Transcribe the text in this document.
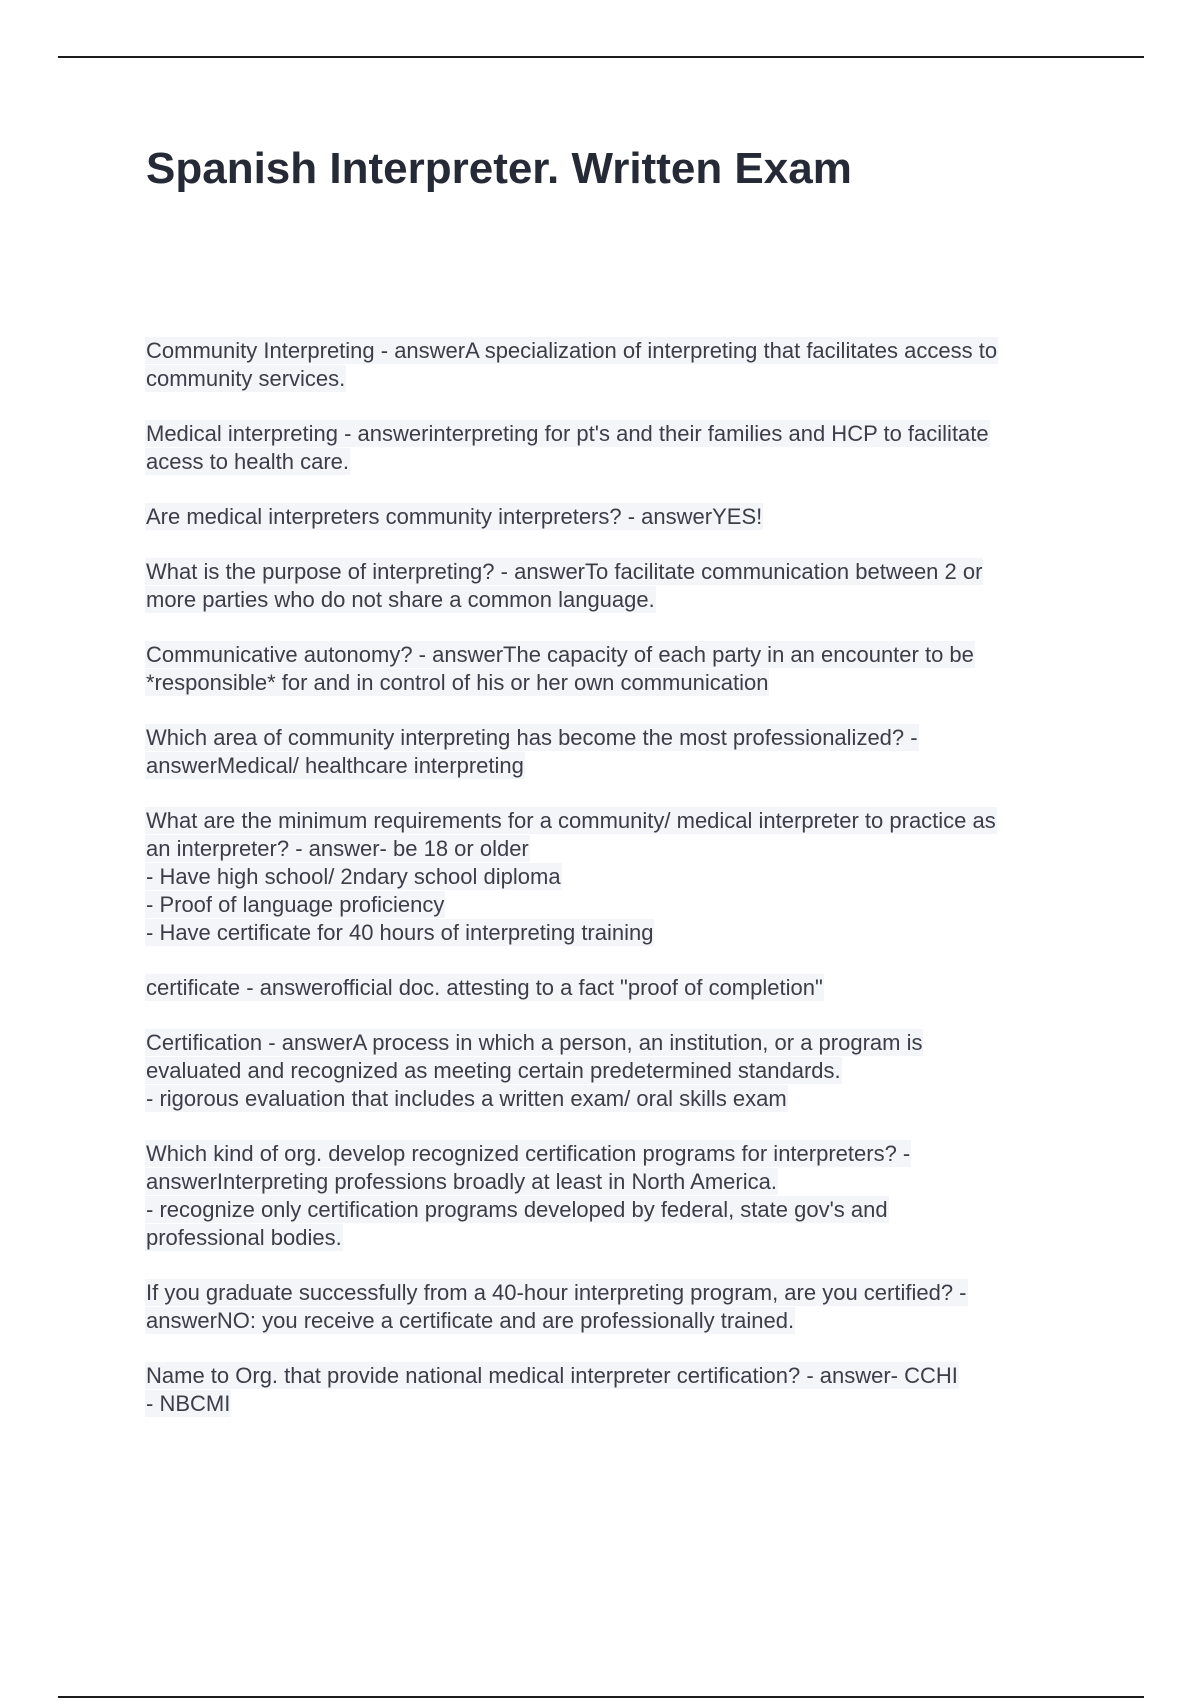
Spanish Interpreter. Written Exam
Community Interpreting - answerA specialization of interpreting that facilitates access to
community services.
Medical interpreting - answerinterpreting for pt's and their families and HCP to facilitate
acess to health care.
Are medical interpreters community interpreters? - answerYES!
What is the purpose of interpreting? - answerTo facilitate communication between 2 or
more parties who do not share a common language.
Communicative autonomy? - answerThe capacity of each party in an encounter to be
*responsible* for and in control of his or her own communication
Which area of community interpreting has become the most professionalized? -
answerMedical/ healthcare interpreting
What are the minimum requirements for a community/ medical interpreter to practice as
an interpreter? - answer- be 18 or older
- Have high school/ 2ndary school diploma
- Proof of language proficiency
- Have certificate for 40 hours of interpreting training
certificate - answerofficial doc. attesting to a fact "proof of completion"
Certification - answerA process in which a person, an institution, or a program is
evaluated and recognized as meeting certain predetermined standards.
- rigorous evaluation that includes a written exam/ oral skills exam
Which kind of org. develop recognized certification programs for interpreters? -
answerInterpreting professions broadly at least in North America.
- recognize only certification programs developed by federal, state gov's and
professional bodies.
If you graduate successfully from a 40-hour interpreting program, are you certified? -
answerNO: you receive a certificate and are professionally trained.
Name to Org. that provide national medical interpreter certification? - answer- CCHI
- NBCMI
